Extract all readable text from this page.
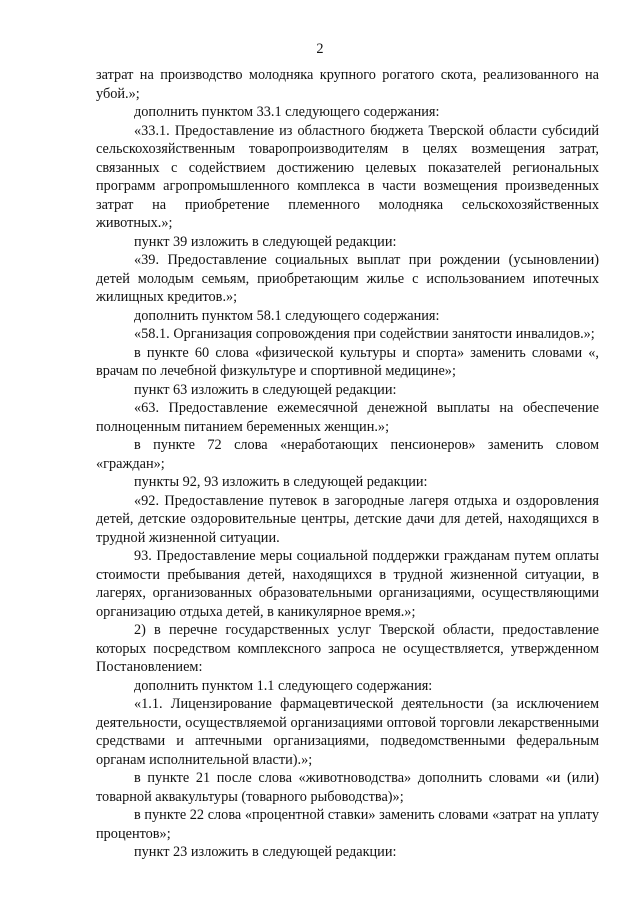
2

затрат на производство молодняка крупного рогатого скота, реализованного на убой.»;

дополнить пунктом 33.1 следующего содержания:

«33.1. Предоставление из областного бюджета Тверской области субсидий сельскохозяйственным товаропроизводителям в целях возмещения затрат, связанных с содействием достижению целевых показателей региональных программ агропромышленного комплекса в части возмещения произведенных затрат на приобретение племенного молодняка сельскохозяйственных животных.»;

пункт 39 изложить в следующей редакции:

«39. Предоставление социальных выплат при рождении (усыновлении) детей молодым семьям, приобретающим жилье с использованием ипотечных жилищных кредитов.»;

дополнить пунктом 58.1 следующего содержания:

«58.1. Организация сопровождения при содействии занятости инвалидов.»;

в пункте 60 слова «физической культуры и спорта» заменить словами «, врачам по лечебной физкультуре и спортивной медицине»;

пункт 63 изложить в следующей редакции:

«63. Предоставление ежемесячной денежной выплаты на обеспечение полноценным питанием беременных женщин.»;

в пункте 72 слова «неработающих пенсионеров» заменить словом «граждан»;

пункты 92, 93 изложить в следующей редакции:

«92. Предоставление путевок в загородные лагеря отдыха и оздоровления детей, детские оздоровительные центры, детские дачи для детей, находящихся в трудной жизненной ситуации.

93. Предоставление меры социальной поддержки гражданам путем оплаты стоимости пребывания детей, находящихся в трудной жизненной ситуации, в лагерях, организованных образовательными организациями, осуществляющими организацию отдыха детей, в каникулярное время.»;

2) в перечне государственных услуг Тверской области, предоставление которых посредством комплексного запроса не осуществляется, утвержденном Постановлением:

дополнить пунктом 1.1 следующего содержания:

«1.1. Лицензирование фармацевтической деятельности (за исключением деятельности, осуществляемой организациями оптовой торговли лекарственными средствами и аптечными организациями, подведомственными федеральным органам исполнительной власти).»;

в пункте 21 после слова «животноводства» дополнить словами «и (или) товарной аквакультуры (товарного рыбоводства)»;

в пункте 22 слова «процентной ставки» заменить словами «затрат на уплату процентов»;

пункт 23 изложить в следующей редакции:
